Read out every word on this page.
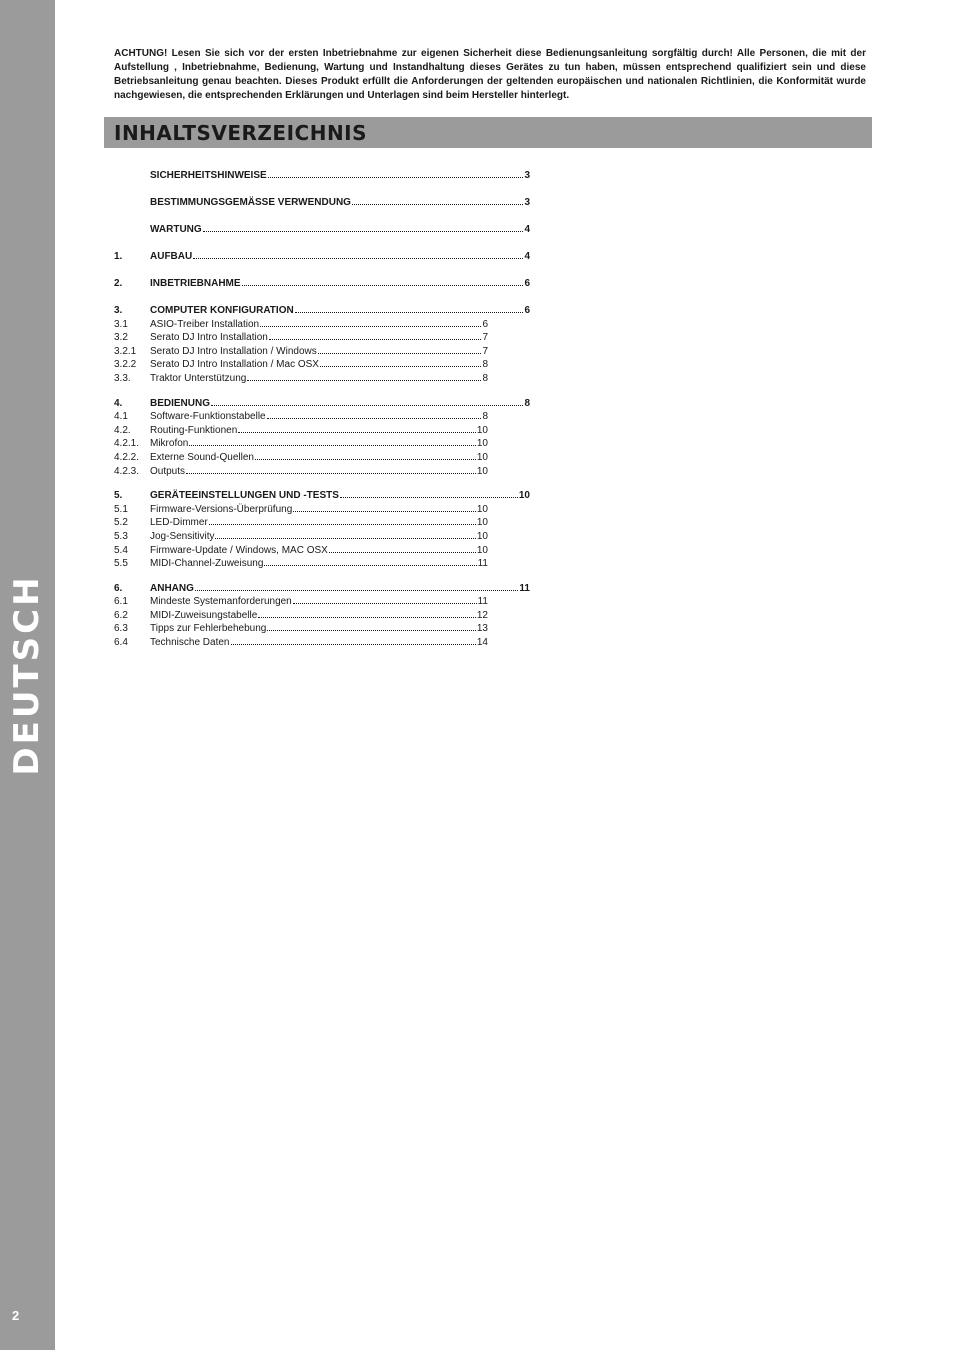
DEUTSCH
2

ACHTUNG! Lesen Sie sich vor der ersten Inbetriebnahme zur eigenen Sicherheit diese Bedienungsanleitung sorgfältig durch! Alle Personen, die mit der Aufstellung , Inbetriebnahme, Bedienung, Wartung und Instandhaltung dieses Gerätes zu tun haben, müssen entsprechend qualifiziert sein und diese Betriebsanleitung genau beachten. Dieses Produkt erfüllt die Anforderungen der geltenden europäischen und nationalen Richtlinien, die Konformität wurde nachgewiesen, die entsprechenden Erklärungen und Unterlagen sind beim Hersteller hinterlegt.

INHALTSVERZEICHNIS
SICHERHEITSHINWEISE	3
BESTIMMUNGSGEMÄSSE VERWENDUNG	3
WARTUNG	4
1.	AUFBAU	4
2.	INBETRIEBNAHME	6
3.	COMPUTER KONFIGURATION	6
3.1	ASIO-Treiber Installation	6
3.2	Serato DJ Intro Installation	7
3.2.1	Serato DJ Intro Installation / Windows	7
3.2.2	Serato DJ Intro Installation / Mac OSX	8
3.3.	Traktor Unterstützung	8
4.	BEDIENUNG	8
4.1	Software-Funktionstabelle	8
4.2.	Routing-Funktionen	10
4.2.1.	Mikrofon	10
4.2.2.	Externe Sound-Quellen	10
4.2.3.	Outputs	10
5.	GERÄTEEINSTELLUNGEN UND -TESTS	10
5.1	Firmware-Versions-Überprüfung	10
5.2	LED-Dimmer	10
5.3	Jog-Sensitivity	10
5.4	Firmware-Update / Windows, MAC OSX	10
5.5	MIDI-Channel-Zuweisung	11
6.	ANHANG	11
6.1	Mindeste Systemanforderungen	11
6.2	MIDI-Zuweisungstabelle	12
6.3	Tipps zur Fehlerbehebung	13
6.4	Technische Daten	14
